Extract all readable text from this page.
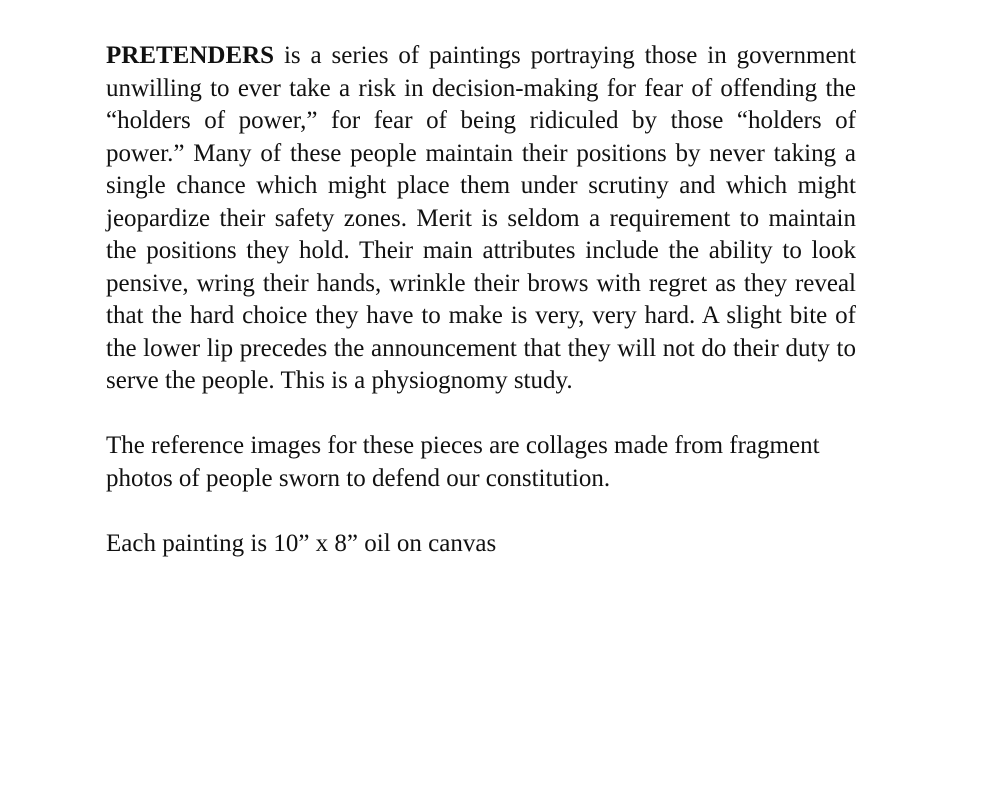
PRETENDERS is a series of paintings portraying those in government unwilling to ever take a risk in decision-making for fear of offending the “holders of power,” for fear of being ridiculed by those “holders of power.” Many of these people maintain their positions by never taking a single chance which might place them under scrutiny and which might jeopardize their safety zones. Merit is seldom a requirement to maintain the positions they hold. Their main attributes include the ability to look pensive, wring their hands, wrinkle their brows with regret as they reveal that the hard choice they have to make is very, very hard. A slight bite of the lower lip precedes the announcement that they will not do their duty to serve the people. This is a physiognomy study.

The reference images for these pieces are collages made from fragment photos of people sworn to defend our constitution.

Each painting is 10” x 8” oil on canvas
